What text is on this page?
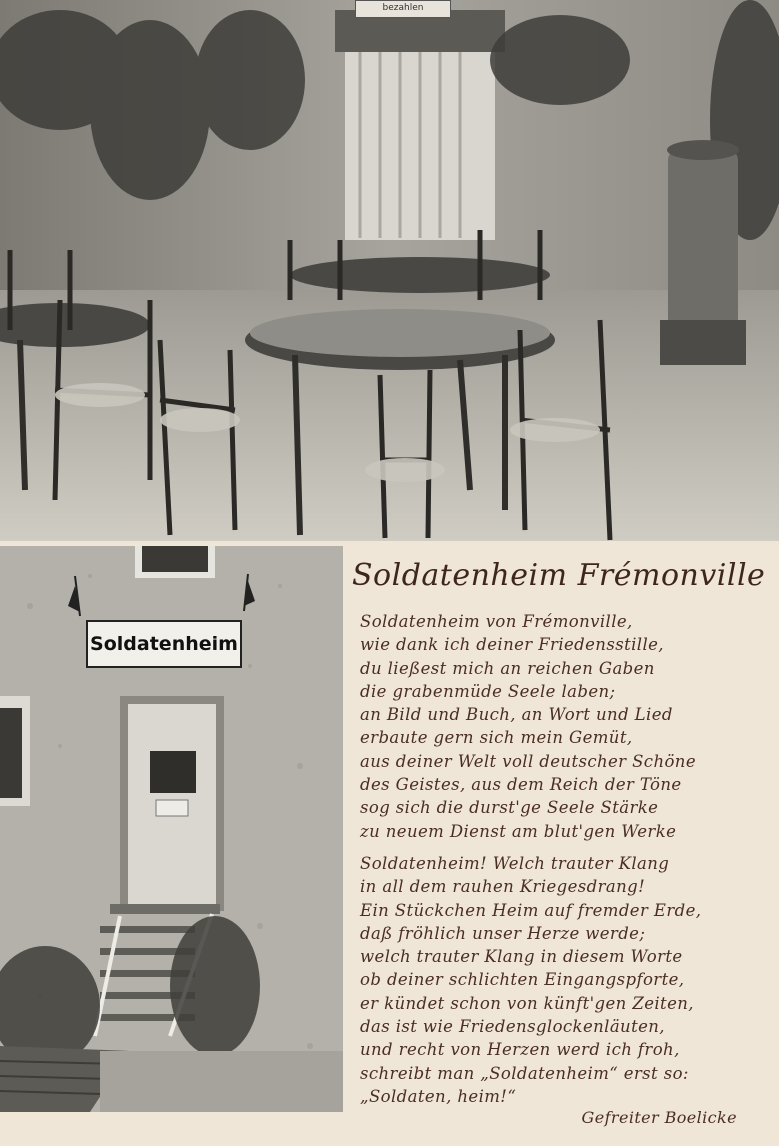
bezahlen
Soldatenheim
Soldatenheim Frémonville
Soldatenheim von Frémonville,
wie dank ich deiner Friedensstille,
du ließest mich an reichen Gaben
die grabenmüde Seele laben;
an Bild und Buch, an Wort und Lied
erbaute gern sich mein Gemüt,
aus deiner Welt voll deutscher Schöne
des Geistes, aus dem Reich der Töne
sog sich die durst'ge Seele Stärke
zu neuem Dienst am blut'gen Werke
Soldatenheim! Welch trauter Klang
in all dem rauhen Kriegesdrang!
Ein Stückchen Heim auf fremder Erde,
daß fröhlich unser Herze werde;
welch trauter Klang in diesem Worte
ob deiner schlichten Eingangspforte,
er kündet schon von künft'gen Zeiten,
das ist wie Friedensglockenläuten,
und recht von Herzen werd ich froh,
schreibt man „Soldatenheim“ erst so:
„Soldaten, heim!“
Gefreiter Boelicke
